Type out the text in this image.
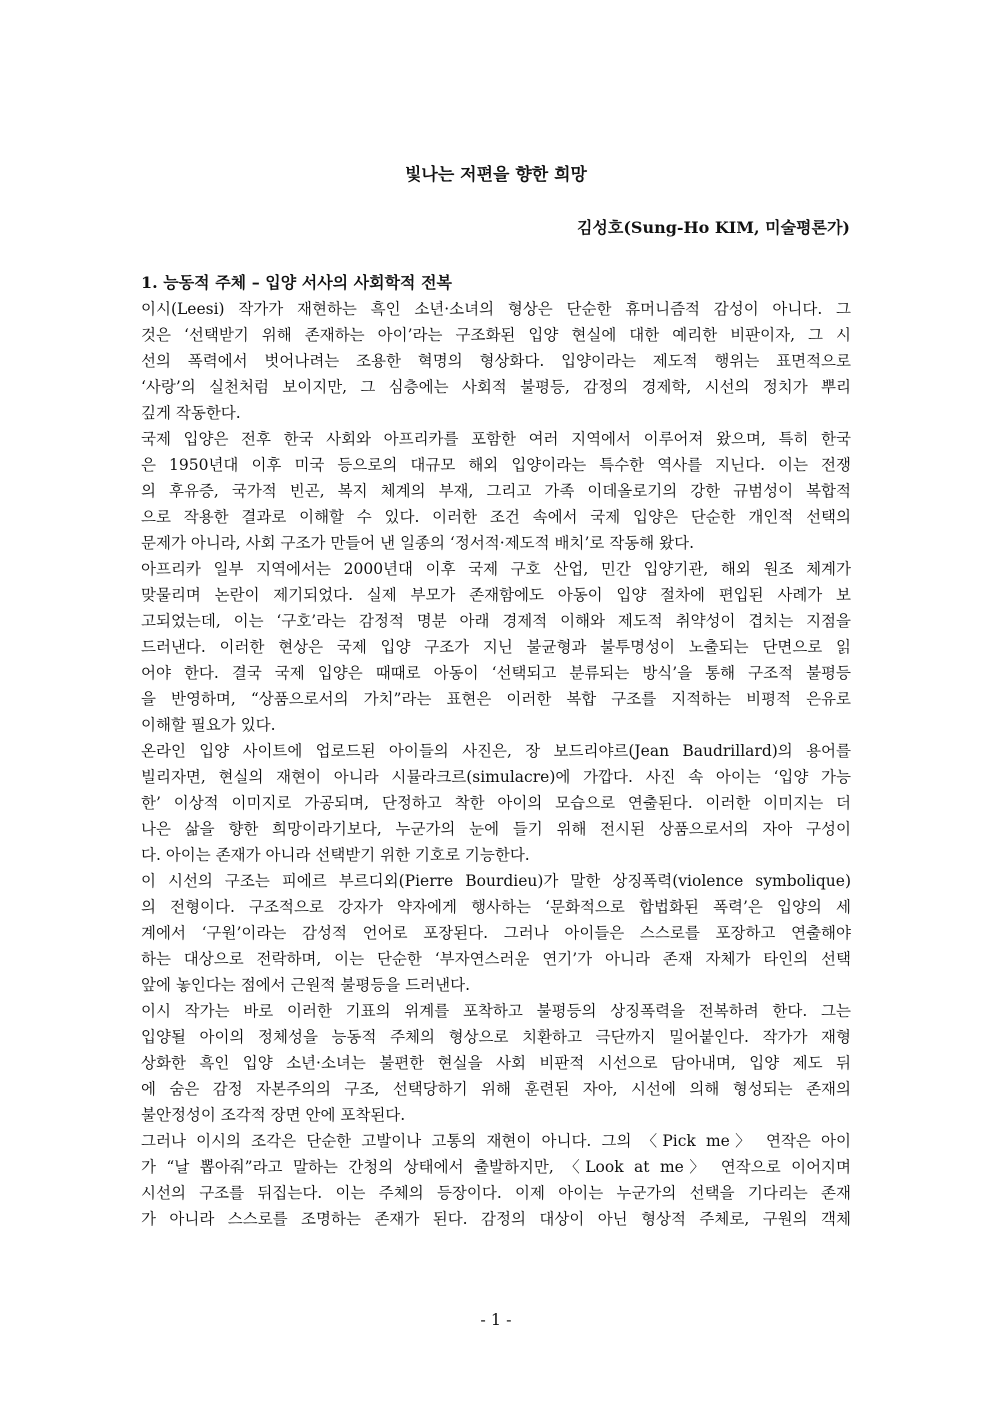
빛나는 저편을 향한 희망
김성호(Sung-Ho KIM, 미술평론가)
1. 능동적 주체 – 입양 서사의 사회학적 전복
이시(Leesi) 작가가 재현하는 흑인 소년·소녀의 형상은 단순한 휴머니즘적 감성이 아니다. 그
것은 ‘선택받기 위해 존재하는 아이’라는 구조화된 입양 현실에 대한 예리한 비판이자, 그 시
선의 폭력에서 벗어나려는 조용한 혁명의 형상화다. 입양이라는 제도적 행위는 표면적으로
‘사랑’의 실천처럼 보이지만, 그 심층에는 사회적 불평등, 감정의 경제학, 시선의 정치가 뿌리
깊게 작동한다.
국제 입양은 전후 한국 사회와 아프리카를 포함한 여러 지역에서 이루어져 왔으며, 특히 한국
은 1950년대 이후 미국 등으로의 대규모 해외 입양이라는 특수한 역사를 지닌다. 이는 전쟁
의 후유증, 국가적 빈곤, 복지 체계의 부재, 그리고 가족 이데올로기의 강한 규범성이 복합적
으로 작용한 결과로 이해할 수 있다. 이러한 조건 속에서 국제 입양은 단순한 개인적 선택의
문제가 아니라, 사회 구조가 만들어 낸 일종의 ‘정서적·제도적 배치’로 작동해 왔다.
아프리카 일부 지역에서는 2000년대 이후 국제 구호 산업, 민간 입양기관, 해외 원조 체계가
맞물리며 논란이 제기되었다. 실제 부모가 존재함에도 아동이 입양 절차에 편입된 사례가 보
고되었는데, 이는 ‘구호’라는 감정적 명분 아래 경제적 이해와 제도적 취약성이 겹치는 지점을
드러낸다. 이러한 현상은 국제 입양 구조가 지닌 불균형과 불투명성이 노출되는 단면으로 읽
어야 한다. 결국 국제 입양은 때때로 아동이 ‘선택되고 분류되는 방식’을 통해 구조적 불평등
을 반영하며, “상품으로서의 가치”라는 표현은 이러한 복합 구조를 지적하는 비평적 은유로
이해할 필요가 있다.
온라인 입양 사이트에 업로드된 아이들의 사진은, 장 보드리야르(Jean Baudrillard)의 용어를
빌리자면, 현실의 재현이 아니라 시뮬라크르(simulacre)에 가깝다. 사진 속 아이는 ‘입양 가능
한’ 이상적 이미지로 가공되며, 단정하고 착한 아이의 모습으로 연출된다. 이러한 이미지는 더
나은 삶을 향한 희망이라기보다, 누군가의 눈에 들기 위해 전시된 상품으로서의 자아 구성이
다. 아이는 존재가 아니라 선택받기 위한 기호로 기능한다.
이 시선의 구조는 피에르 부르디외(Pierre Bourdieu)가 말한 상징폭력(violence symbolique)
의 전형이다. 구조적으로 강자가 약자에게 행사하는 ‘문화적으로 합법화된 폭력’은 입양의 세
계에서 ‘구원’이라는 감성적 언어로 포장된다. 그러나 아이들은 스스로를 포장하고 연출해야
하는 대상으로 전락하며, 이는 단순한 ‘부자연스러운 연기’가 아니라 존재 자체가 타인의 선택
앞에 놓인다는 점에서 근원적 불평등을 드러낸다.
이시 작가는 바로 이러한 기표의 위계를 포착하고 불평등의 상징폭력을 전복하려 한다. 그는
입양될 아이의 정체성을 능동적 주체의 형상으로 치환하고 극단까지 밀어붙인다. 작가가 재형
상화한 흑인 입양 소년·소녀는 불편한 현실을 사회 비판적 시선으로 담아내며, 입양 제도 뒤
에 숨은 감정 자본주의의 구조, 선택당하기 위해 훈련된 자아, 시선에 의해 형성되는 존재의
불안정성이 조각적 장면 안에 포착된다.
그러나 이시의 조각은 단순한 고발이나 고통의 재현이 아니다. 그의 〈Pick me〉 연작은 아이
가 “날 뽑아줘”라고 말하는 간청의 상태에서 출발하지만, 〈Look at me〉 연작으로 이어지며
시선의 구조를 뒤집는다. 이는 주체의 등장이다. 이제 아이는 누군가의 선택을 기다리는 존재
가 아니라 스스로를 조명하는 존재가 된다. 감정의 대상이 아닌 형상적 주체로, 구원의 객체
- 1 -
